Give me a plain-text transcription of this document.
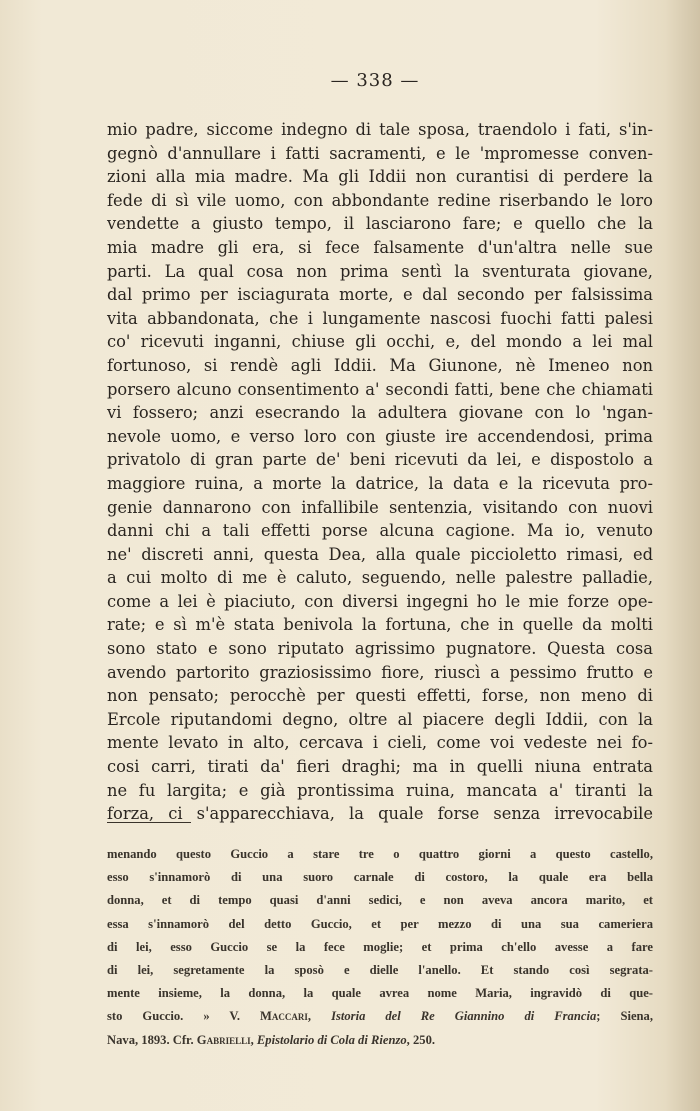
— 338 —
mio padre, siccome indegno di tale sposa, traendolo i fati, s'in-
gegnò d'annullare i fatti sacramenti, e le 'mpromesse conven-
zioni alla mia madre. Ma gli Iddii non curantisi di perdere la
fede di sì vile uomo, con abbondante redine riserbando le loro
vendette a giusto tempo, il lasciarono fare; e quello che la
mia madre gli era, si fece falsamente d'un'altra nelle sue
parti. La qual cosa non prima sentì la sventurata giovane,
dal primo per isciagurata morte, e dal secondo per falsissima
vita abbandonata, che i lungamente nascosi fuochi fatti palesi
co' ricevuti inganni, chiuse gli occhi, e, del mondo a lei mal
fortunoso, si rendè agli Iddii. Ma Giunone, nè Imeneo non
porsero alcuno consentimento a' secondi fatti, bene che chiamati
vi fossero; anzi esecrando la adultera giovane con lo 'ngan-
nevole uomo, e verso loro con giuste ire accendendosi, prima
privatolo di gran parte de' beni ricevuti da lei, e dispostolo a
maggiore ruina, a morte la datrice, la data e la ricevuta pro-
genie dannarono con infallibile sentenzia, visitando con nuovi
danni chi a tali effetti porse alcuna cagione. Ma io, venuto
ne' discreti anni, questa Dea, alla quale piccioletto rimasi, ed
a cui molto di me è caluto, seguendo, nelle palestre palladie,
come a lei è piaciuto, con diversi ingegni ho le mie forze ope-
rate; e sì m'è stata benivola la fortuna, che in quelle da molti
sono stato e sono riputato agrissimo pugnatore. Questa cosa
avendo partorito graziosissimo fiore, riuscì a pessimo frutto e
non pensato; perocchè per questi effetti, forse, non meno di
Ercole riputandomi degno, oltre al piacere degli Iddii, con la
mente levato in alto, cercava i cieli, come voi vedeste nei fo-
cosi carri, tirati da' fieri draghi; ma in quelli niuna entrata
ne fu largita; e già prontissima ruina, mancata a' tiranti la
forza, ci s'apparecchiava, la quale forse senza irrevocabile
menando questo Guccio a stare tre o quattro giorni a questo castello,
esso s'innamorò di una suoro carnale di costoro, la quale era bella
donna, et di tempo quasi d'anni sedici, e non aveva ancora marito, et
essa s'innamorò del detto Guccio, et per mezzo di una sua cameriera
di lei, esso Guccio se la fece moglie; et prima ch'ello avesse a fare
di lei, segretamente la sposò e dielle l'anello. Et stando così segrata-
mente insieme, la donna, la quale avrea nome Maria, ingravidò di que-
sto Guccio. » V. Maccari, Istoria del Re Giannino di Francia; Siena,
Nava, 1893. Cfr. Gabrielli, Epistolario di Cola di Rienzo, 250.
